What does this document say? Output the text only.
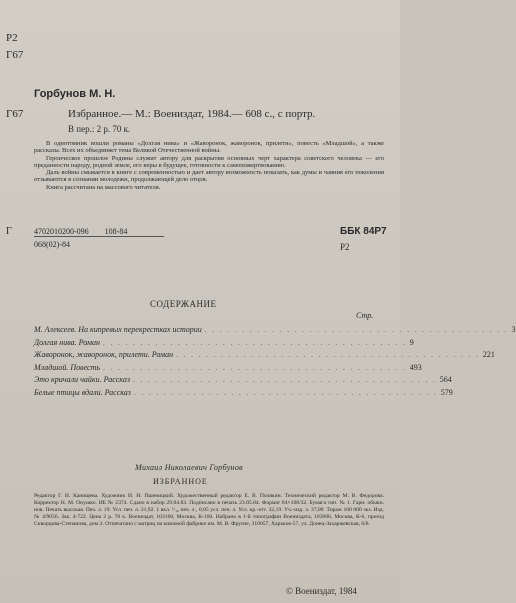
Р2
Г67
Горбунов М. Н.
Г67	Избранное.— М.: Воениздат, 1984.— 608 с., с портр.
В пер.: 2 р. 70 к.

В однотомник вошли романы «Долгая нива» и «Жаворонок, жаворонок, прилети», повесть «Младшой», а также рассказы. Всех их объединяет тема Великой Отечественной войны.

Героическое прошлое Родины служит автору для раскрытия основных черт характера советского человека — его преданности народу, родной земле, его веры в будущее, готовности к самопожертвованию.

Даль войны смыкается в книге с современностью и дает автору возможность показать, как думы и чаяния его поколения отзываются в сознании молодежи, продолжающей дело отцов.

Книга рассчитана на массового читателя.

Г	4702010200-096 108-84
068(02)-84
ББК 84Р7
Р2
СОДЕРЖАНИЕ
Стр.
М. Алексеев. На кипревых перекрестках истории . . . . . . . . . . . . . . . . . . . . . . . . . . . . . . . . . . . . . . . . . 3
Долгая нива. Роман . . . . . . . . . . . . . . . . . . . . . . . . . . . . . . . . . . . . . . . . . 9
Жаворонок, жаворонок, прилети. Роман . . . . . . . . . . . . . . . . . . . . . . . . . . . . . . . . . . . . . . . . . 221
Младшой. Повесть . . . . . . . . . . . . . . . . . . . . . . . . . . . . . . . . . . . . . . . . . 493
Это кричали чайки. Рассказ . . . . . . . . . . . . . . . . . . . . . . . . . . . . . . . . . . . . . . . . . 564
Белые птицы вдали. Рассказ . . . . . . . . . . . . . . . . . . . . . . . . . . . . . . . . . . . . . . . . . 579
Михаил Николаевич Горбунов
ИЗБРАННОЕ
Редактор Г. И. Канищева. Художник И. Н. Пшеницкий. Художественный редактор Е. В. Полякин. Технический редактор М. В. Федорова. Корректор Н. М. Онушко. ИБ № 2374. Сдано в набор 29.04.83. Подписано в печать 23.05.84. Формат 84×108/32. Бумага тип. № 1. Гарн. обыкн. нов. Печать высокая. Печ. л. 19. Усл. печ. л. 31,92. 1 вкл. ¹/₁₆ печ. л., 0,05 усл. печ. л. Усл. кр.-отт. 32,19. Уч.-изд. л. 37,09. Тираж 100 000 экз. Изд. № 4/9056. Зак. 4-722. Цена 2 р. 70 к. Воениздат, 103160, Москва, К-160. Набрано в 1-й типографии Воениздата, 103006, Москва, К-6, проезд Скворцова-Степанова, дом 3. Отпечатано с матриц на книжной фабрике им. М. В. Фрунзе, 310057, Харьков-57, ул. Донец-Захаржевская, 6/8.
© Воениздат, 1984
